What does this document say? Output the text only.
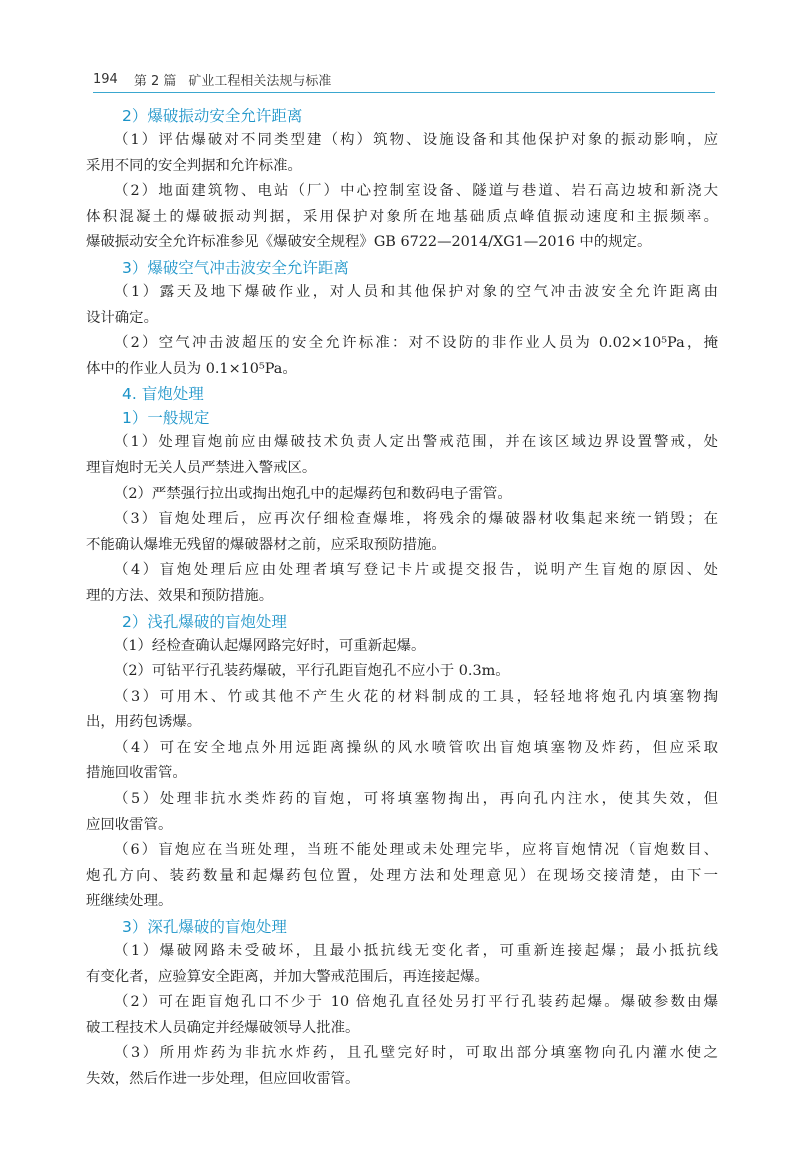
194 第 2 篇 矿业工程相关法规与标准
2）爆破振动安全允许距离
（1）评估爆破对不同类型建（构）筑物、设施设备和其他保护对象的振动影响，应
采用不同的安全判据和允许标准。
（2）地面建筑物、电站（厂）中心控制室设备、隧道与巷道、岩石高边坡和新浇大
体积混凝土的爆破振动判据，采用保护对象所在地基础质点峰值振动速度和主振频率。
爆破振动安全允许标准参见《爆破安全规程》GB 6722—2014/XG1—2016 中的规定。
3）爆破空气冲击波安全允许距离
（1）露天及地下爆破作业，对人员和其他保护对象的空气冲击波安全允许距离由
设计确定。
（2）空气冲击波超压的安全允许标准：对不设防的非作业人员为 0.02×10⁵Pa，掩
体中的作业人员为 0.1×10⁵Pa。
4. 盲炮处理
1）一般规定
（1）处理盲炮前应由爆破技术负责人定出警戒范围，并在该区域边界设置警戒，处
理盲炮时无关人员严禁进入警戒区。
（2）严禁强行拉出或掏出炮孔中的起爆药包和数码电子雷管。
（3）盲炮处理后，应再次仔细检查爆堆，将残余的爆破器材收集起来统一销毁；在
不能确认爆堆无残留的爆破器材之前，应采取预防措施。
（4）盲炮处理后应由处理者填写登记卡片或提交报告，说明产生盲炮的原因、处
理的方法、效果和预防措施。
2）浅孔爆破的盲炮处理
（1）经检查确认起爆网路完好时，可重新起爆。
（2）可钻平行孔装药爆破，平行孔距盲炮孔不应小于 0.3m。
（3）可用木、竹或其他不产生火花的材料制成的工具，轻轻地将炮孔内填塞物掏
出，用药包诱爆。
（4）可在安全地点外用远距离操纵的风水喷管吹出盲炮填塞物及炸药，但应采取
措施回收雷管。
（5）处理非抗水类炸药的盲炮，可将填塞物掏出，再向孔内注水，使其失效，但
应回收雷管。
（6）盲炮应在当班处理，当班不能处理或未处理完毕，应将盲炮情况（盲炮数目、
炮孔方向、装药数量和起爆药包位置，处理方法和处理意见）在现场交接清楚，由下一
班继续处理。
3）深孔爆破的盲炮处理
（1）爆破网路未受破坏，且最小抵抗线无变化者，可重新连接起爆；最小抵抗线
有变化者，应验算安全距离，并加大警戒范围后，再连接起爆。
（2）可在距盲炮孔口不少于 10 倍炮孔直径处另打平行孔装药起爆。爆破参数由爆
破工程技术人员确定并经爆破领导人批准。
（3）所用炸药为非抗水炸药，且孔壁完好时，可取出部分填塞物向孔内灌水使之
失效，然后作进一步处理，但应回收雷管。
